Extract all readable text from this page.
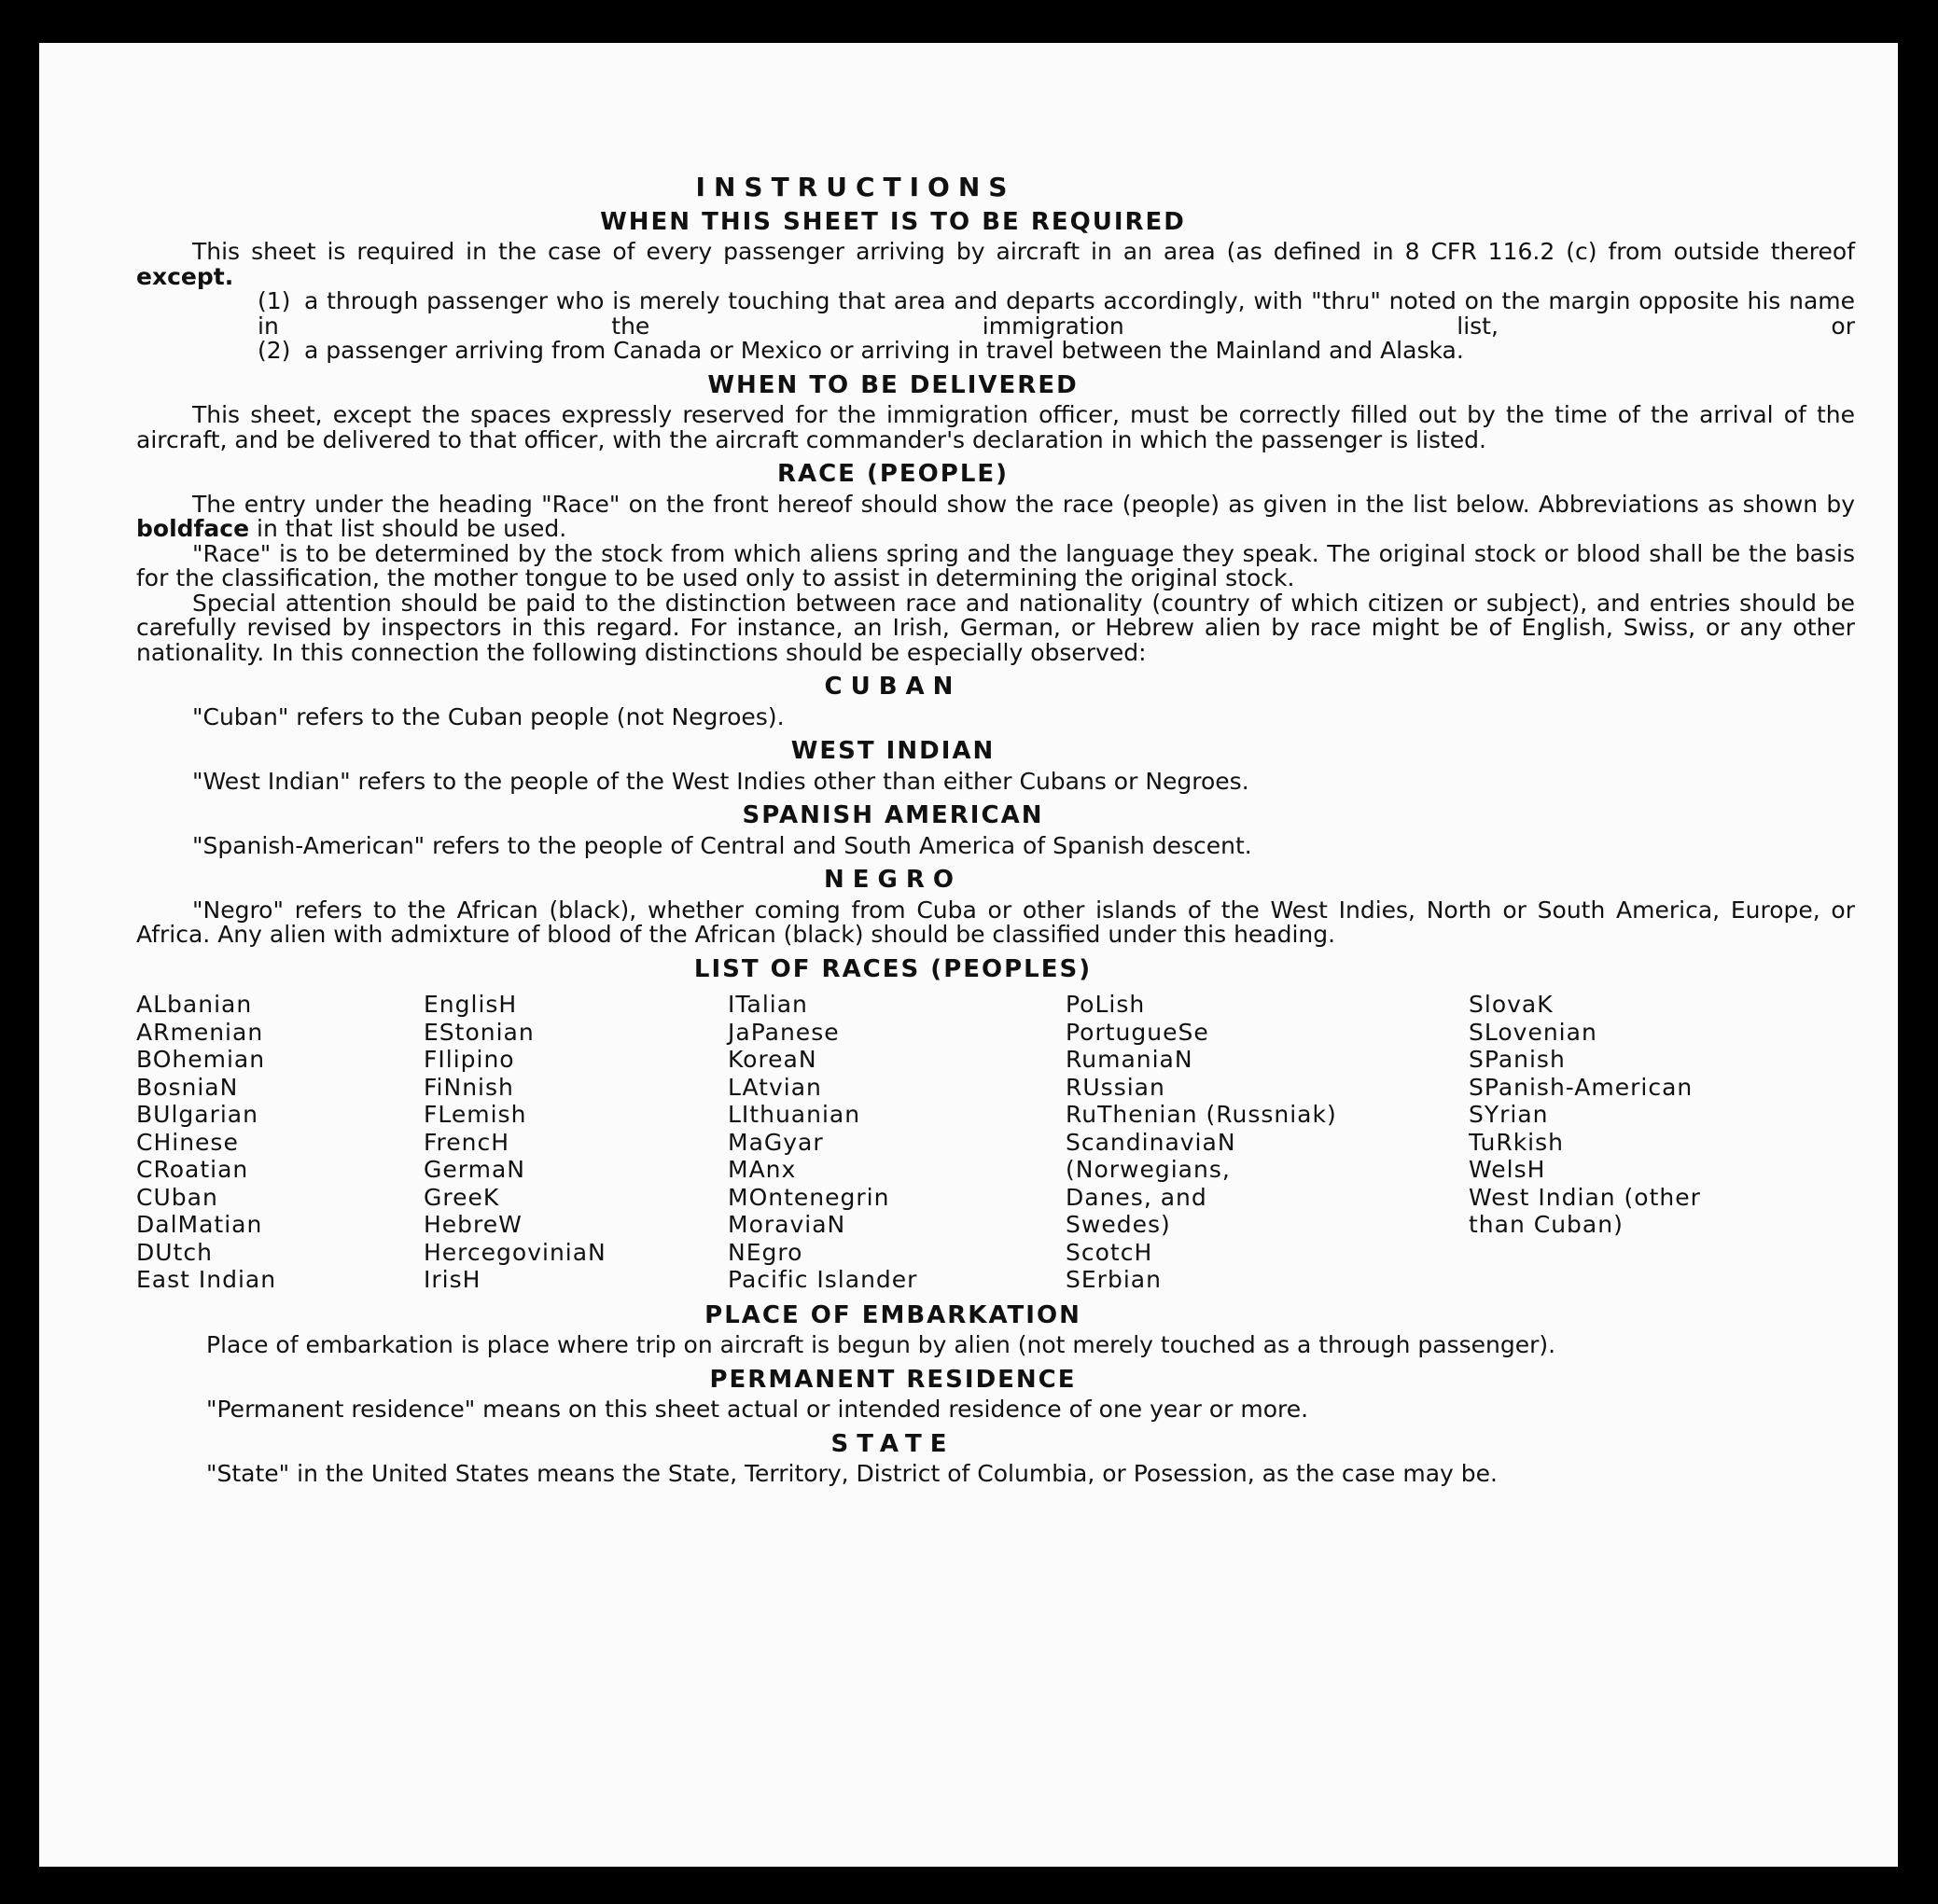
INSTRUCTIONS
WHEN THIS SHEET IS TO BE REQUIRED

This sheet is required in the case of every passenger arriving by aircraft in an area (as defined in 8 CFR 116.2 (c) from outside thereof except.

(1) a through passenger who is merely touching that area and departs accordingly, with "thru" noted on the margin opposite his name in the immigration list, or
(2) a passenger arriving from Canada or Mexico or arriving in travel between the Mainland and Alaska.
WHEN TO BE DELIVERED

This sheet, except the spaces expressly reserved for the immigration officer, must be correctly filled out by the time of the arrival of the aircraft, and be delivered to that officer, with the aircraft commander's declaration in which the passenger is listed.

RACE (PEOPLE)

The entry under the heading "Race" on the front hereof should show the race (people) as given in the list below. Abbreviations as shown by boldface in that list should be used.

"Race" is to be determined by the stock from which aliens spring and the language they speak. The original stock or blood shall be the basis for the classification, the mother tongue to be used only to assist in determining the original stock.

Special attention should be paid to the distinction between race and nationality (country of which citizen or subject), and entries should be carefully revised by inspectors in this regard. For instance, an Irish, German, or Hebrew alien by race might be of English, Swiss, or any other nationality. In this connection the following distinctions should be especially observed:

CUBAN

"Cuban" refers to the Cuban people (not Negroes).

WEST INDIAN

"West Indian" refers to the people of the West Indies other than either Cubans or Negroes.

SPANISH AMERICAN

"Spanish-American" refers to the people of Central and South America of Spanish descent.

NEGRO

"Negro" refers to the African (black), whether coming from Cuba or other islands of the West Indies, North or South America, Europe, or Africa. Any alien with admixture of blood of the African (black) should be classified under this heading.

LIST OF RACES (PEOPLES)
ALbanian
ARmenian
BOhemian
BosniaN
BUlgarian
CHinese
CRoatian
CUban
DalMatian
DUtch
East Indian
EnglisH
EStonian
FIlipino
FiNnish
FLemish
FrencH
GermaN
GreeK
HebreW
HercegoviniaN
IrisH
ITalian
JaPanese
KoreaN
LAtvian
LIthuanian
MaGyar
MAnx
MOntenegrin
MoraviaN
NEgro
Pacific Islander
PoLish
PortugueSe
RumaniaN
RUssian
RuThenian (Russniak)
ScandinaviaN
(Norwegians,
Danes, and
Swedes)
ScotcH
SErbian
SlovaK
SLovenian
SPanish
SPanish-American
SYrian
TuRkish
WelsH
West Indian (other
than Cuban)
PLACE OF EMBARKATION

Place of embarkation is place where trip on aircraft is begun by alien (not merely touched as a through passenger).

PERMANENT RESIDENCE

"Permanent residence" means on this sheet actual or intended residence of one year or more.

STATE

"State" in the United States means the State, Territory, District of Columbia, or Posession, as the case may be.
